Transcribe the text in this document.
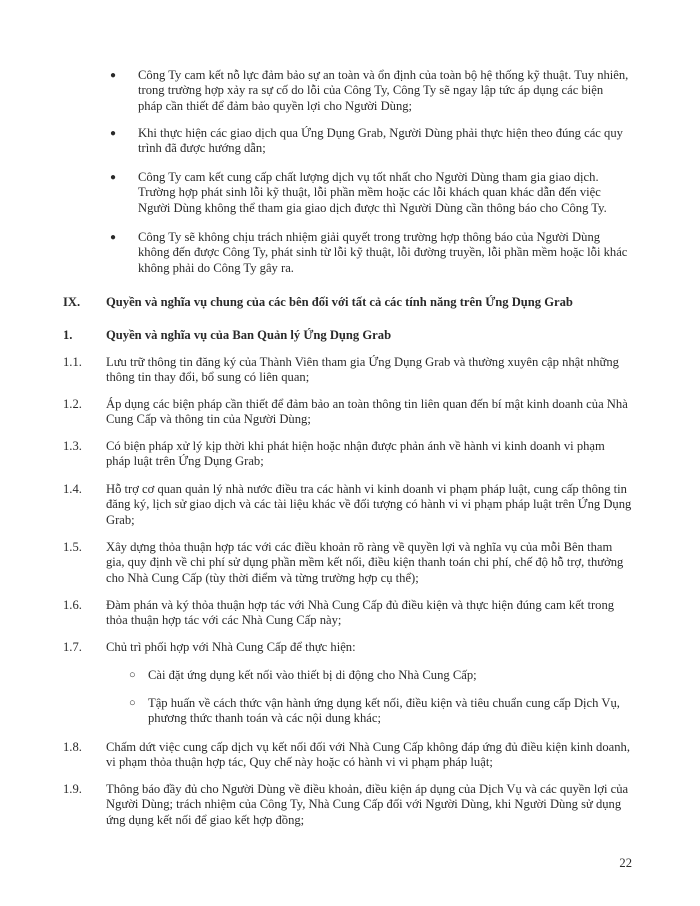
● Công Ty cam kết nỗ lực đảm bảo sự an toàn và ổn định của toàn bộ hệ thống kỹ thuật. Tuy nhiên, trong trường hợp xảy ra sự cố do lỗi của Công Ty, Công Ty sẽ ngay lập tức áp dụng các biện pháp cần thiết để đảm bảo quyền lợi cho Người Dùng;
● Khi thực hiện các giao dịch qua Ứng Dụng Grab, Người Dùng phải thực hiện theo đúng các quy trình đã được hướng dẫn;
● Công Ty cam kết cung cấp chất lượng dịch vụ tốt nhất cho Người Dùng tham gia giao dịch. Trường hợp phát sinh lỗi kỹ thuật, lỗi phần mềm hoặc các lỗi khách quan khác dẫn đến việc Người Dùng không thể tham gia giao dịch được thì Người Dùng cần thông báo cho Công Ty.
● Công Ty sẽ không chịu trách nhiệm giải quyết trong trường hợp thông báo của Người Dùng không đến được Công Ty, phát sinh từ lỗi kỹ thuật, lỗi đường truyền, lỗi phần mềm hoặc lỗi khác không phải do Công Ty gây ra.
IX. Quyền và nghĩa vụ chung của các bên đối với tất cả các tính năng trên Ứng Dụng Grab
1.	Quyền và nghĩa vụ của Ban Quản lý Ứng Dụng Grab
1.1. Lưu trữ thông tin đăng ký của Thành Viên tham gia Ứng Dụng Grab và thường xuyên cập nhật những thông tin thay đổi, bổ sung có liên quan;
1.2. Áp dụng các biện pháp cần thiết để đảm bảo an toàn thông tin liên quan đến bí mật kinh doanh của Nhà Cung Cấp và thông tin của Người Dùng;
1.3. Có biện pháp xử lý kịp thời khi phát hiện hoặc nhận được phản ánh về hành vi kinh doanh vi phạm pháp luật trên Ứng Dụng Grab;
1.4. Hỗ trợ cơ quan quản lý nhà nước điều tra các hành vi kinh doanh vi phạm pháp luật, cung cấp thông tin đăng ký, lịch sử giao dịch và các tài liệu khác về đối tượng có hành vi vi phạm pháp luật trên Ứng Dụng Grab;
1.5. Xây dựng thỏa thuận hợp tác với các điều khoản rõ ràng về quyền lợi và nghĩa vụ của mỗi Bên tham gia, quy định về chi phí sử dụng phần mềm kết nối, điều kiện thanh toán chi phí, chế độ hỗ trợ, thưởng cho Nhà Cung Cấp (tùy thời điểm và từng trường hợp cụ thể);
1.6. Đàm phán và ký thỏa thuận hợp tác với Nhà Cung Cấp đủ điều kiện và thực hiện đúng cam kết trong thỏa thuận hợp tác với các Nhà Cung Cấp này;
1.7. Chủ trì phối hợp với Nhà Cung Cấp để thực hiện:
○ Cài đặt ứng dụng kết nối vào thiết bị di động cho Nhà Cung Cấp;
○ Tập huấn về cách thức vận hành ứng dụng kết nối, điều kiện và tiêu chuẩn cung cấp Dịch Vụ, phương thức thanh toán và các nội dung khác;
1.8. Chấm dứt việc cung cấp dịch vụ kết nối đối với Nhà Cung Cấp không đáp ứng đủ điều kiện kinh doanh, vi phạm thỏa thuận hợp tác, Quy chế này hoặc có hành vi vi phạm pháp luật;
1.9. Thông báo đầy đủ cho Người Dùng về điều khoản, điều kiện áp dụng của Dịch Vụ và các quyền lợi của Người Dùng; trách nhiệm của Công Ty, Nhà Cung Cấp đối với Người Dùng, khi Người Dùng sử dụng ứng dụng kết nối để giao kết hợp đồng;
22
